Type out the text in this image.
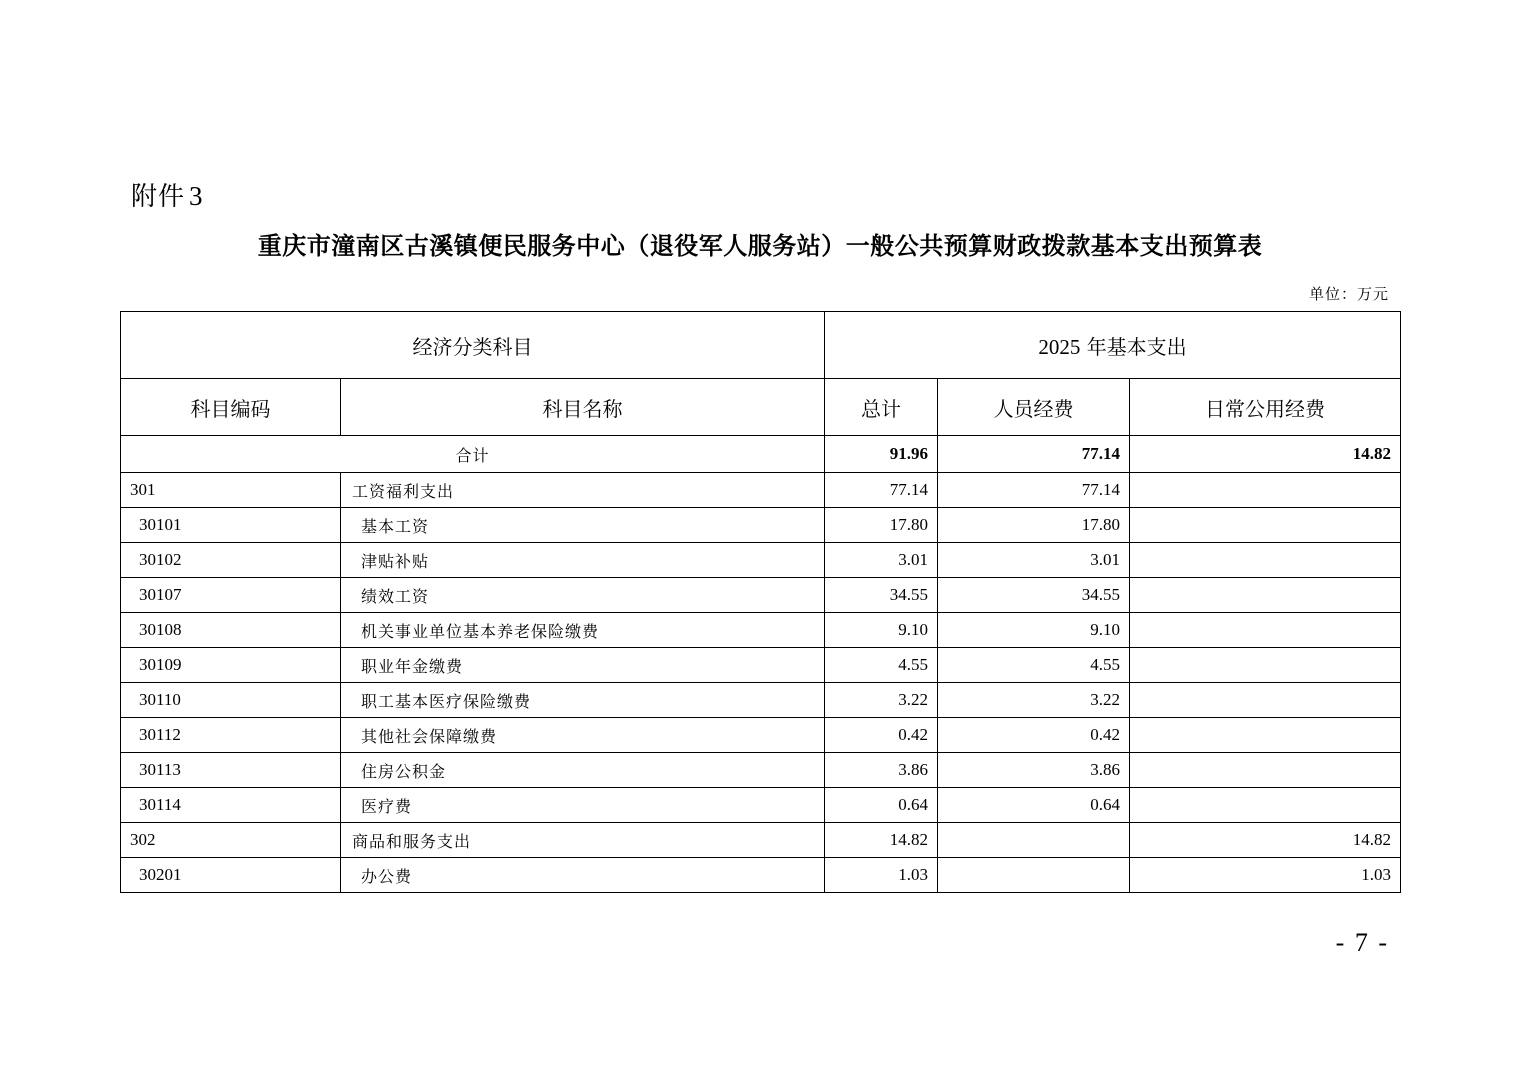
附件 3
重庆市潼南区古溪镇便民服务中心（退役军人服务站）一般公共预算财政拨款基本支出预算表
单位：万元
经济分类科目		2025 年基本支出		
科目编码	科目名称	总计	人员经费	日常公用经费
合计		91.96	77.14	14.82
301	工资福利支出	77.14	77.14	
30101	基本工资	17.80	17.80	
30102	津贴补贴	3.01	3.01	
30107	绩效工资	34.55	34.55	
30108	机关事业单位基本养老保险缴费	9.10	9.10	
30109	职业年金缴费	4.55	4.55	
30110	职工基本医疗保险缴费	3.22	3.22	
30112	其他社会保障缴费	0.42	0.42	
30113	住房公积金	3.86	3.86	
30114	医疗费	0.64	0.64	
302	商品和服务支出	14.82		14.82
30201	办公费	1.03		1.03
- 7 -
